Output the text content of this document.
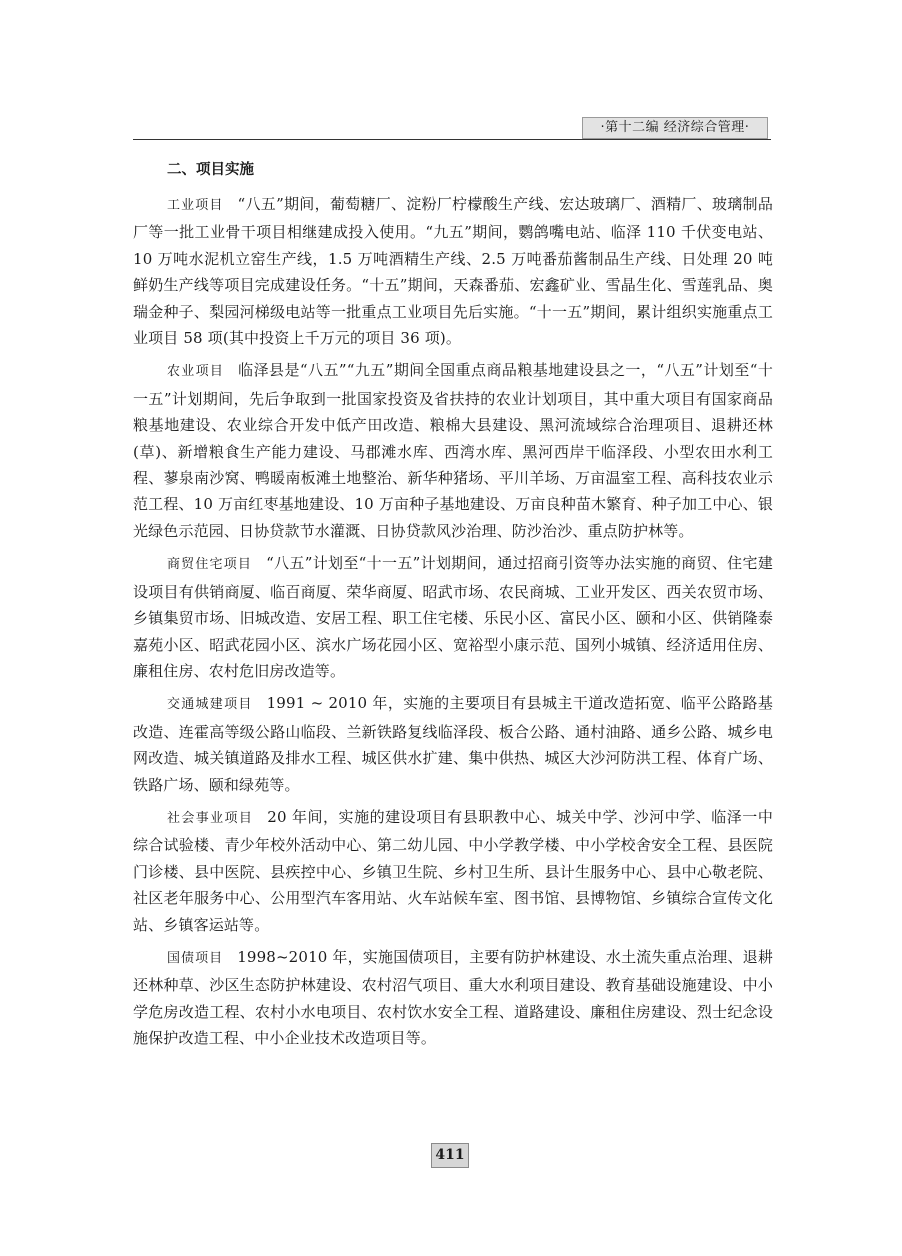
·第十二编 经济综合管理·
二、项目实施

工业项目 “八五”期间，葡萄糖厂、淀粉厂柠檬酸生产线、宏达玻璃厂、酒精厂、玻璃制品厂等一批工业骨干项目相继建成投入使用。“九五”期间，鹦鸽嘴电站、临泽 110 千伏变电站、10 万吨水泥机立窑生产线，1.5 万吨酒精生产线、2.5 万吨番茄酱制品生产线、日处理 20 吨鲜奶生产线等项目完成建设任务。“十五”期间，天森番茄、宏鑫矿业、雪晶生化、雪莲乳品、奥瑞金种子、梨园河梯级电站等一批重点工业项目先后实施。“十一五”期间，累计组织实施重点工业项目 58 项(其中投资上千万元的项目 36 项)。

农业项目 临泽县是“八五”“九五”期间全国重点商品粮基地建设县之一，“八五”计划至“十一五”计划期间，先后争取到一批国家投资及省扶持的农业计划项目，其中重大项目有国家商品粮基地建设、农业综合开发中低产田改造、粮棉大县建设、黑河流域综合治理项目、退耕还林(草)、新增粮食生产能力建设、马郡滩水库、西湾水库、黑河西岸干临泽段、小型农田水利工程、蓼泉南沙窝、鸭暖南板滩土地整治、新华种猪场、平川羊场、万亩温室工程、高科技农业示范工程、10 万亩红枣基地建设、10 万亩种子基地建设、万亩良种苗木繁育、种子加工中心、银光绿色示范园、日协贷款节水灌溉、日协贷款风沙治理、防沙治沙、重点防护林等。

商贸住宅项目 “八五”计划至“十一五”计划期间，通过招商引资等办法实施的商贸、住宅建设项目有供销商厦、临百商厦、荣华商厦、昭武市场、农民商城、工业开发区、西关农贸市场、乡镇集贸市场、旧城改造、安居工程、职工住宅楼、乐民小区、富民小区、颐和小区、供销隆泰嘉苑小区、昭武花园小区、滨水广场花园小区、宽裕型小康示范、国列小城镇、经济适用住房、廉租住房、农村危旧房改造等。

交通城建项目 1991 ~ 2010 年，实施的主要项目有县城主干道改造拓宽、临平公路路基改造、连霍高等级公路山临段、兰新铁路复线临泽段、板合公路、通村油路、通乡公路、城乡电网改造、城关镇道路及排水工程、城区供水扩建、集中供热、城区大沙河防洪工程、体育广场、铁路广场、颐和绿苑等。

社会事业项目 20 年间，实施的建设项目有县职教中心、城关中学、沙河中学、临泽一中综合试验楼、青少年校外活动中心、第二幼儿园、中小学教学楼、中小学校舍安全工程、县医院门诊楼、县中医院、县疾控中心、乡镇卫生院、乡村卫生所、县计生服务中心、县中心敬老院、社区老年服务中心、公用型汽车客用站、火车站候车室、图书馆、县博物馆、乡镇综合宣传文化站、乡镇客运站等。

国债项目 1998~2010 年，实施国债项目，主要有防护林建设、水土流失重点治理、退耕还林种草、沙区生态防护林建设、农村沼气项目、重大水利项目建设、教育基础设施建设、中小学危房改造工程、农村小水电项目、农村饮水安全工程、道路建设、廉租住房建设、烈士纪念设施保护改造工程、中小企业技术改造项目等。

411
